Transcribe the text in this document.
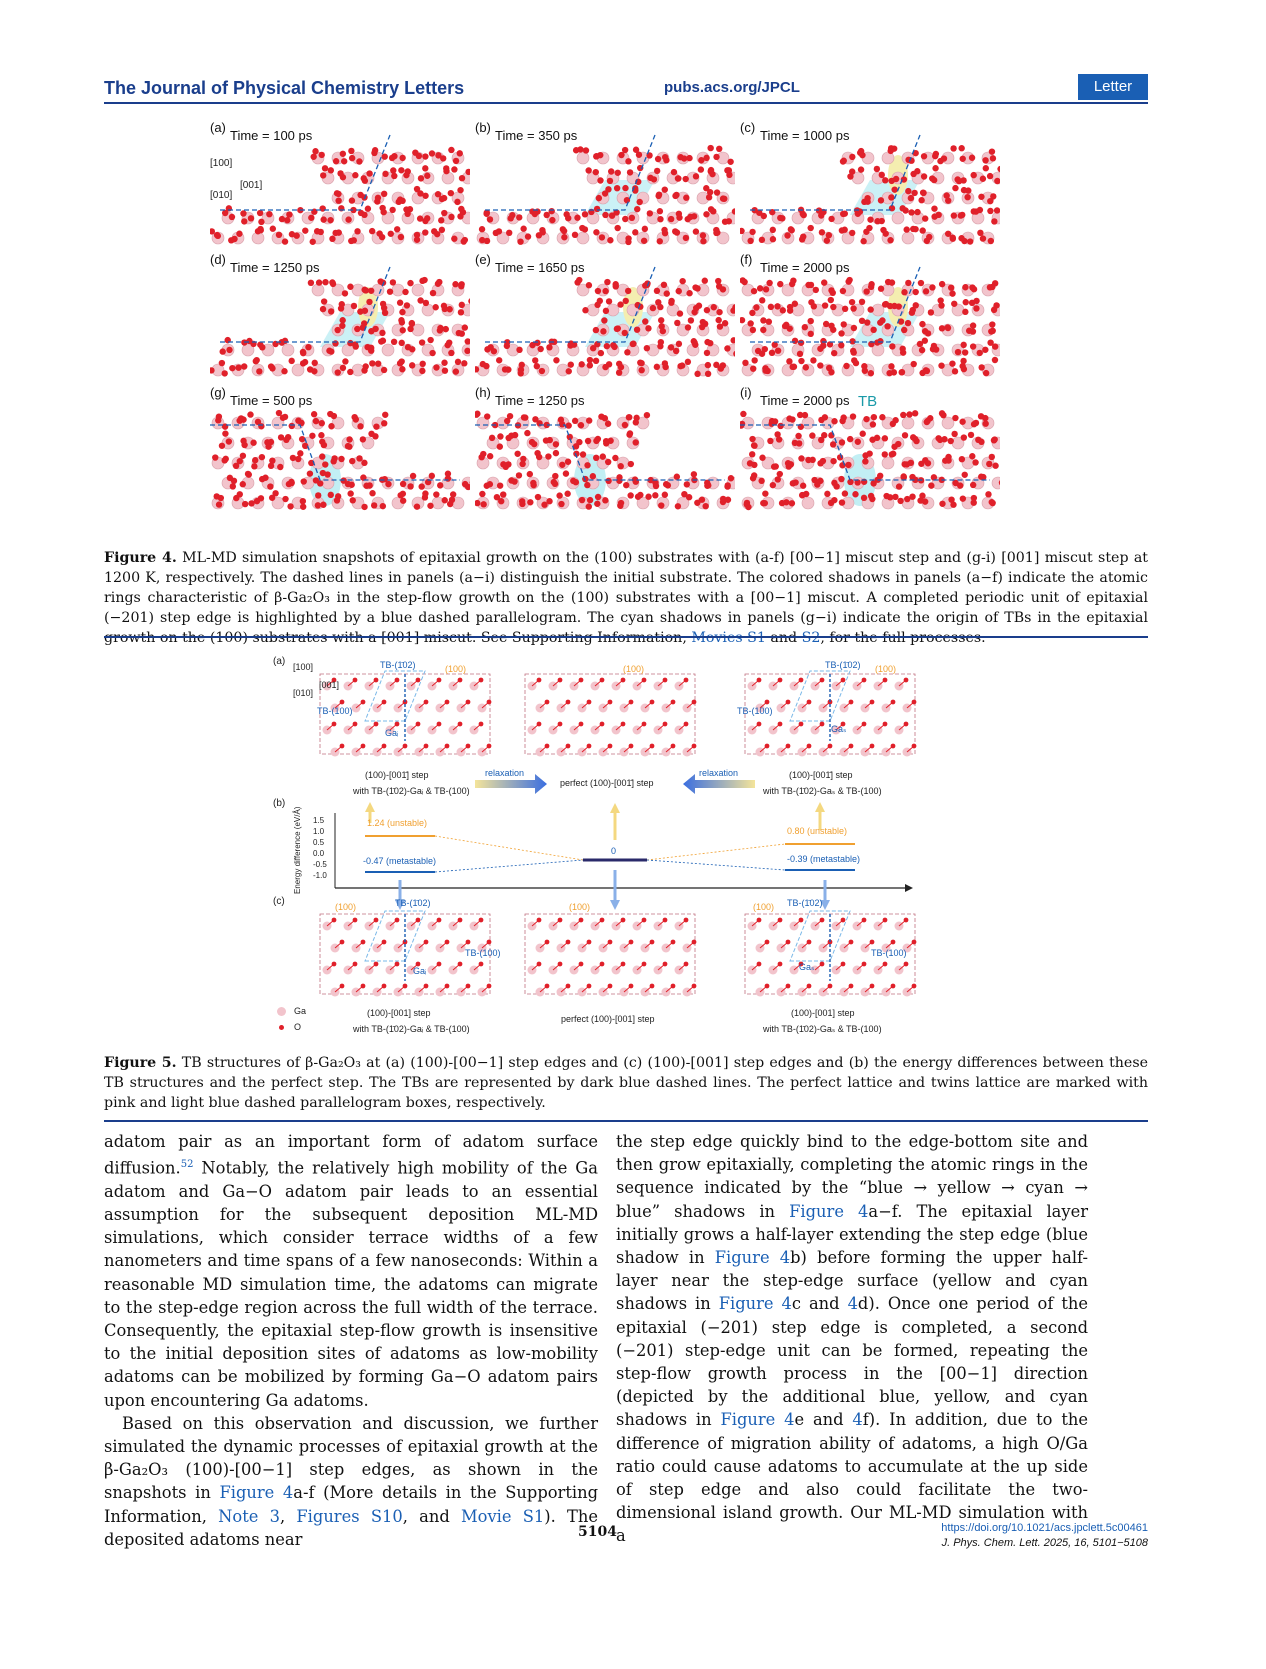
The Journal of Physical Chemistry Letters	pubs.acs.org/JPCL	Letter
(a)
Time = 100 ps
[100]
[001]
[010]
(b)
Time = 350 ps
(c)
Time = 1000 ps
(d)
Time = 1250 ps
(e)
Time = 1650 ps
(f)
Time = 2000 ps
(g)
Time = 500 ps
(h)
Time = 1250 ps
(i)
Time = 2000 ps TB
Figure 4. ML-MD simulation snapshots of epitaxial growth on the (100) substrates with (a-f) [00−1] miscut step and (g-i) [001] miscut step at 1200 K, respectively. The dashed lines in panels (a−i) distinguish the initial substrate. The colored shadows in panels (a−f) indicate the atomic rings characteristic of β-Ga₂O₃ in the step-flow growth on the (100) substrates with a [00−1] miscut. A completed periodic unit of epitaxial (−201) step edge is highlighted by a blue dashed parallelogram. The cyan shadows in panels (g−i) indicate the origin of TBs in the epitaxial growth on the (100) substrates with a [001] miscut. See Supporting Information, Movies S1 and S2, for the full processes.
(a) [100]
[001]
[010]
TB-(1̄02)	(100)
TB-(100)
Gaᵢ
(100)	TB-(1̄02) (100)
TB-(100)
Gaₛ
(100)-[001̄] step
with TB-(1̄02)-Gaᵢ & TB-(100)
relaxation
perfect (100)-[001̄] step
relaxation	(100)-[001̄] step
with TB-(1̄02)-Gaₛ & TB-(100)
(b)
Energy difference (eV/Å) 1.5
1.0
0.5
0.0
-0.5
-1.0
1.24 (unstable)
-0.47 (metastable)
0
0.80 (unstable)
-0.39 (metastable)
(c)	TB-(1̄02)
(100)
TB-(100)
Gaᵢ
(100)	(100) TB-(1̄02)
TB-(100)
Gaₛ
(100)-[001] step
with TB-(1̄02)-Gaᵢ & TB-(100)
perfect (100)-[001] step
(100)-[001] step
with TB-(1̄02)-Gaₛ & TB-(100)
Ga
O
Figure 5. TB structures of β-Ga₂O₃ at (a) (100)-[00−1] step edges and (c) (100)-[001] step edges and (b) the energy differences between these TB structures and the perfect step. The TBs are represented by dark blue dashed lines. The perfect lattice and twins lattice are marked with pink and light blue dashed parallelogram boxes, respectively.
adatom pair as an important form of adatom surface diffusion.$^{52}$ Notably, the relatively high mobility of the Ga adatom and Ga−O adatom pair leads to an essential assumption for the subsequent deposition ML-MD simulations, which consider terrace widths of a few nanometers and time spans of a few nanoseconds: Within a reasonable MD simulation time, the adatoms can migrate to the step-edge region across the full width of the terrace. Consequently, the epitaxial step-flow growth is insensitive to the initial deposition sites of adatoms as low-mobility adatoms can be mobilized by forming Ga−O adatom pairs upon encountering Ga adatoms.
Based on this observation and discussion, we further simulated the dynamic processes of epitaxial growth at the β-Ga₂O₃ (100)-[00−1] step edges, as shown in the snapshots in Figure 4a-f (More details in the Supporting Information, Note 3, Figures S10, and Movie S1). The deposited adatoms near
the step edge quickly bind to the edge-bottom site and then grow epitaxially, completing the atomic rings in the sequence indicated by the “blue → yellow → cyan → blue” shadows in Figure 4a−f. The epitaxial layer initially grows a half-layer extending the step edge (blue shadow in Figure 4b) before forming the upper half-layer near the step-edge surface (yellow and cyan shadows in Figure 4c and 4d). Once one period of the epitaxial (−201) step edge is completed, a second (−201) step-edge unit can be formed, repeating the step-flow growth process in the [00−1] direction (depicted by the additional blue, yellow, and cyan shadows in Figure 4e and 4f). In addition, due to the difference of migration ability of adatoms, a high O/Ga ratio could cause adatoms to accumulate at the up side of step edge and also could facilitate the two-dimensional island growth. Our ML-MD simulation with a
5104	https://doi.org/10.1021/acs.jpclett.5c00461
J. Phys. Chem. Lett. 2025, 16, 5101−5108
